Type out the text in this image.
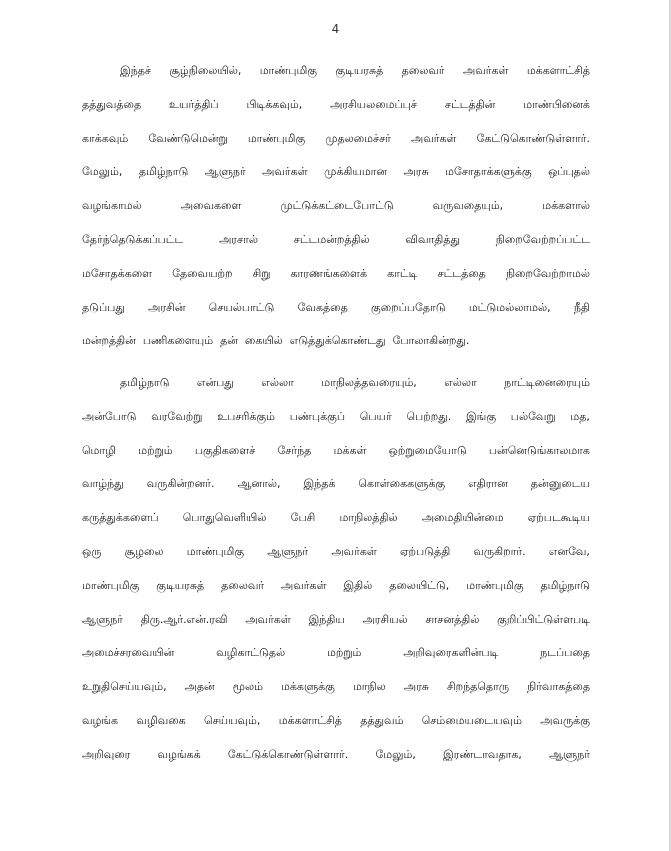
4
இந்தச் சூழ்நிலையில், மாண்புமிகு குடியரசுத் தலைவர் அவர்கள் மக்களாட்சித்
தத்துவத்தை	உயர்த்திப்	பிடிக்கவும்,	அரசியலமைப்புச்	சட்டத்தின்	மாண்பினைக்
காக்கவும் வேண்டுமென்று மாண்புமிகு முதலமைச்சர் அவர்கள் கேட்டுகொண்டுள்ளார்.
மேலும், தமிழ்நாடு ஆளுநர் அவர்கள் முக்கியமான அரசு மசோதாக்களுக்கு ஒப்புதல்
வழங்காமல்	அவைகளை	முட்டுக்கட்டைபோட்டு	வருவதையும்,	மக்களால்
தேர்ந்தெடுக்கப்பட்ட	அரசால்	சட்டமன்றத்தில்	விவாதித்து	நிறைவேற்றப்பட்ட
மசோதக்களை தேவையற்ற சிறு காரணங்களைக் காட்டி சட்டத்தை நிறைவேற்றாமல்
தடுப்பது அரசின் செயல்பாட்டு வேகத்தை குறைப்பதோடு மட்டுமல்லாமல், நீதி
மன்றத்தின் பணிகளையும் தன் கையில் எடுத்துக்கொண்டது போலாகின்றது.
தமிழ்நாடு என்பது எல்லா மாநிலத்தவரையும், எல்லா நாட்டினைரையும்
அன்போடு வரவேற்று உபசரிக்கும் பண்புக்குப் பெயர் பெற்றது. இங்கு பல்வேறு மத,
மொழி மற்றும் பகுதிகளைச் சேர்ந்த மக்கள் ஒற்றுமையோடு பன்னெடுங்காலமாக
வாழ்ந்து வருகின்றனர். ஆனால், இந்தக் கொள்கைகளுக்கு எதிரான தன்னுடைய
கருத்துக்களைப் பொதுவெளியில் பேசி மாநிலத்தில் அமைதியின்மை ஏற்படகூடிய
ஒரு சூழலை மாண்புமிகு ஆளுநர் அவர்கள் ஏற்படுத்தி வருகிறார். எனவே,
மாண்புமிகு குடியரசுத் தலைவர் அவர்கள் இதில் தலையிட்டு, மாண்புமிகு தமிழ்நாடு
ஆளுநர் திரு.ஆர்.என்.ரவி அவர்கள் இந்திய அரசியல் சாசனத்தில் குறிப்பிட்டுள்ளபடி
அமைச்சரவையின்	வழிகாட்டுதல்	மற்றும்	அறிவுரைகளின்படி	நடப்பதை
உறுதிசெய்யவும், அதன் மூலம் மக்களுக்கு மாநில அரசு சிறந்ததொரு நிர்வாகத்தை
வழங்க வழிவகை செய்யவும், மக்களாட்சித் தத்துவம் செம்மையடையவும் அவருக்கு
அறிவுரை வழங்கக் கேட்டுக்கொண்டுள்ளார். மேலும், இரண்டாவதாக, ஆளுநர்
